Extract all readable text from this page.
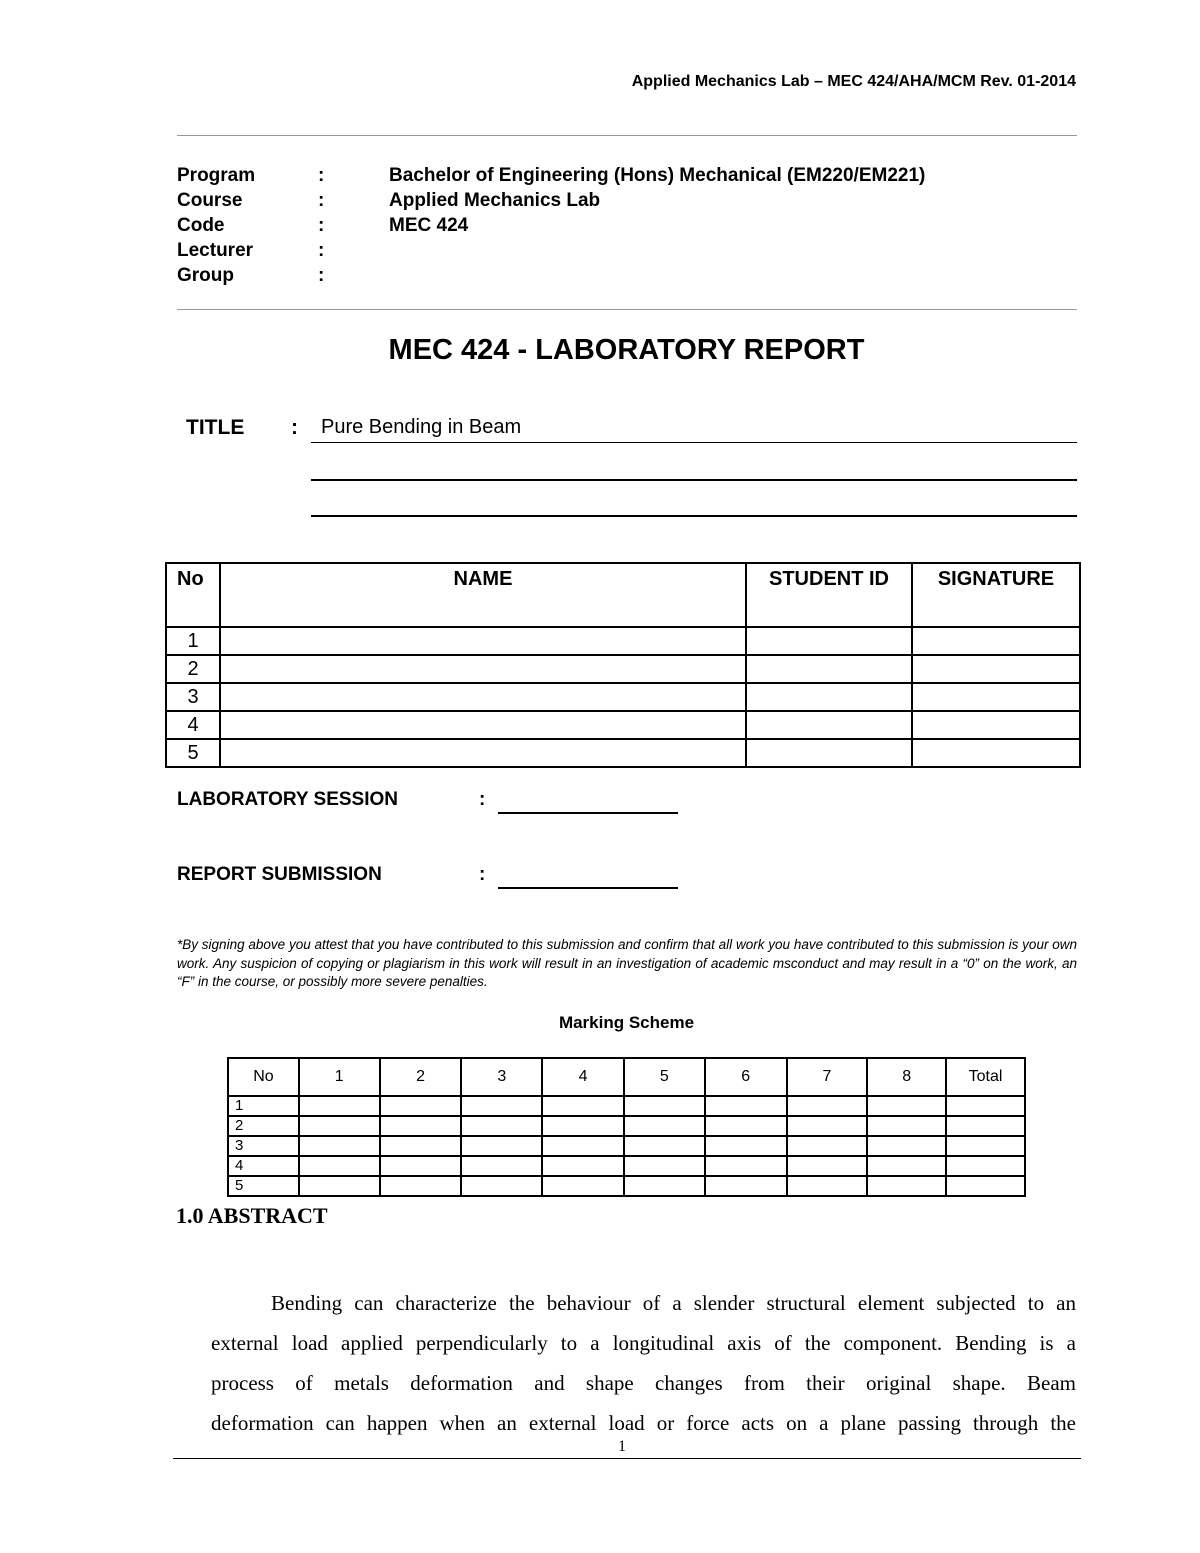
Applied Mechanics Lab – MEC 424/AHA/MCM Rev. 01-2014
Program	:	Bachelor of Engineering (Hons) Mechanical (EM220/EM221)
Course	:	Applied Mechanics Lab
Code	:	MEC 424
Lecturer	:
Group	:
MEC 424 - LABORATORY REPORT
TITLE : Pure Bending in Beam
No	NAME	STUDENT ID	SIGNATURE
1			
2			
3			
4			
5			
LABORATORY SESSION	:
REPORT SUBMISSION	:
*By signing above you attest that you have contributed to this submission and confirm that all work you have contributed to this submission is your own work. Any suspicion of copying or plagiarism in this work will result in an investigation of academic msconduct and may result in a “0” on the work, an “F” in the course, or possibly more severe penalties.
Marking Scheme
No	1	2	3	4	5	6	7	8	Total
1									
2									
3									
4									
5									
1.0 ABSTRACT
Bending can characterize the behaviour of a slender structural element subjected to an
external load applied perpendicularly to a longitudinal axis of the component. Bending is a
process of metals deformation and shape changes from their original shape. Beam
deformation can happen when an external load or force acts on a plane passing through the
1
